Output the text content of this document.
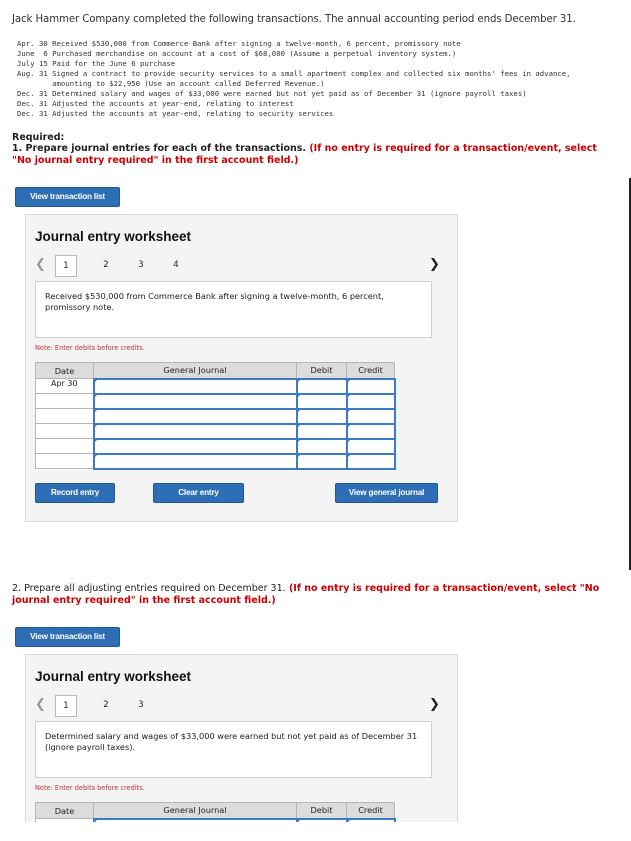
Jack Hammer Company completed the following transactions. The annual accounting period ends December 31.
Apr. 30 Received $530,000 from Commerce Bank after signing a twelve-month, 6 percent, promissory note
June  6 Purchased merchandise on account at a cost of $68,000 (Assume a perpetual inventory system.)
July 15 Paid for the June 6 purchase
Aug. 31 Signed a contract to provide security services to a small apartment complex and collected six months' fees in advance,
amounting to $22,950 (Use an account called Deferred Revenue.)
Dec. 31 Determined salary and wages of $33,000 were earned but not yet paid as of December 31 (ignore payroll taxes)
Dec. 31 Adjusted the accounts at year-end, relating to interest
Dec. 31 Adjusted the accounts at year-end, relating to security services
Required:
1. Prepare journal entries for each of the transactions. (If no entry is required for a transaction/event, select "No journal entry required" in the first account field.)
View transaction list
Journal entry worksheet
❮	1	2	3	4	❯
Received $530,000 from Commerce Bank after signing a twelve-month, 6 percent, promissory note.
Note: Enter debits before credits.
Date	General Journal	Debit	Credit
Apr 30			

Record entry	Clear entry	View general journal
2. Prepare all adjusting entries required on December 31. (If no entry is required for a transaction/event, select "No journal entry required" in the first account field.)
View transaction list
Journal entry worksheet
❮	1	2	3	❯
Determined salary and wages of $33,000 were earned but not yet paid as of December 31 (ignore payroll taxes).
Note: Enter debits before credits.
Date	General Journal	Debit	Credit
